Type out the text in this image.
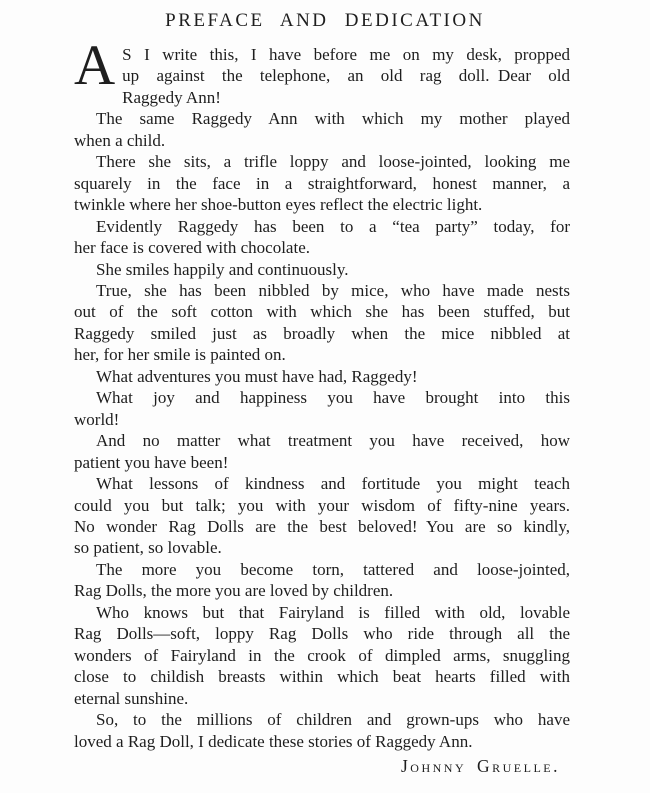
PREFACE AND DEDICATION
A S I write this, I have before me on my desk, propped
up against the telephone, an old rag doll. Dear old
Raggedy Ann!
The same Raggedy Ann with which my mother played
when a child.
There she sits, a trifle loppy and loose-jointed, looking me
squarely in the face in a straightforward, honest manner, a
twinkle where her shoe-button eyes reflect the electric light.
Evidently Raggedy has been to a “tea party” today, for
her face is covered with chocolate.
She smiles happily and continuously.
True, she has been nibbled by mice, who have made nests
out of the soft cotton with which she has been stuffed, but
Raggedy smiled just as broadly when the mice nibbled at
her, for her smile is painted on.
What adventures you must have had, Raggedy!
What joy and happiness you have brought into this
world!
And no matter what treatment you have received, how
patient you have been!
What lessons of kindness and fortitude you might teach
could you but talk; you with your wisdom of fifty-nine years.
No wonder Rag Dolls are the best beloved! You are so kindly,
so patient, so lovable.
The more you become torn, tattered and loose-jointed,
Rag Dolls, the more you are loved by children.
Who knows but that Fairyland is filled with old, lovable
Rag Dolls—soft, loppy Rag Dolls who ride through all the
wonders of Fairyland in the crook of dimpled arms, snuggling
close to childish breasts within which beat hearts filled with
eternal sunshine.
So, to the millions of children and grown-ups who have
loved a Rag Doll, I dedicate these stories of Raggedy Ann.
Johnny Gruelle.
